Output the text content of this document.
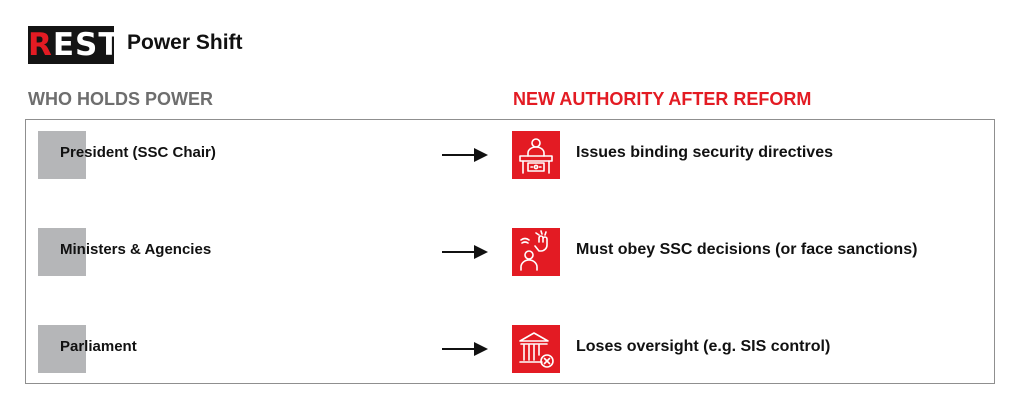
REST Power Shift
WHO HOLDS POWER	NEW AUTHORITY AFTER REFORM
President (SSC Chair)	Issues binding security directives
Ministers & Agencies	Must obey SSC decisions (or face sanctions)
Parliament	Loses oversight (e.g. SIS control)
